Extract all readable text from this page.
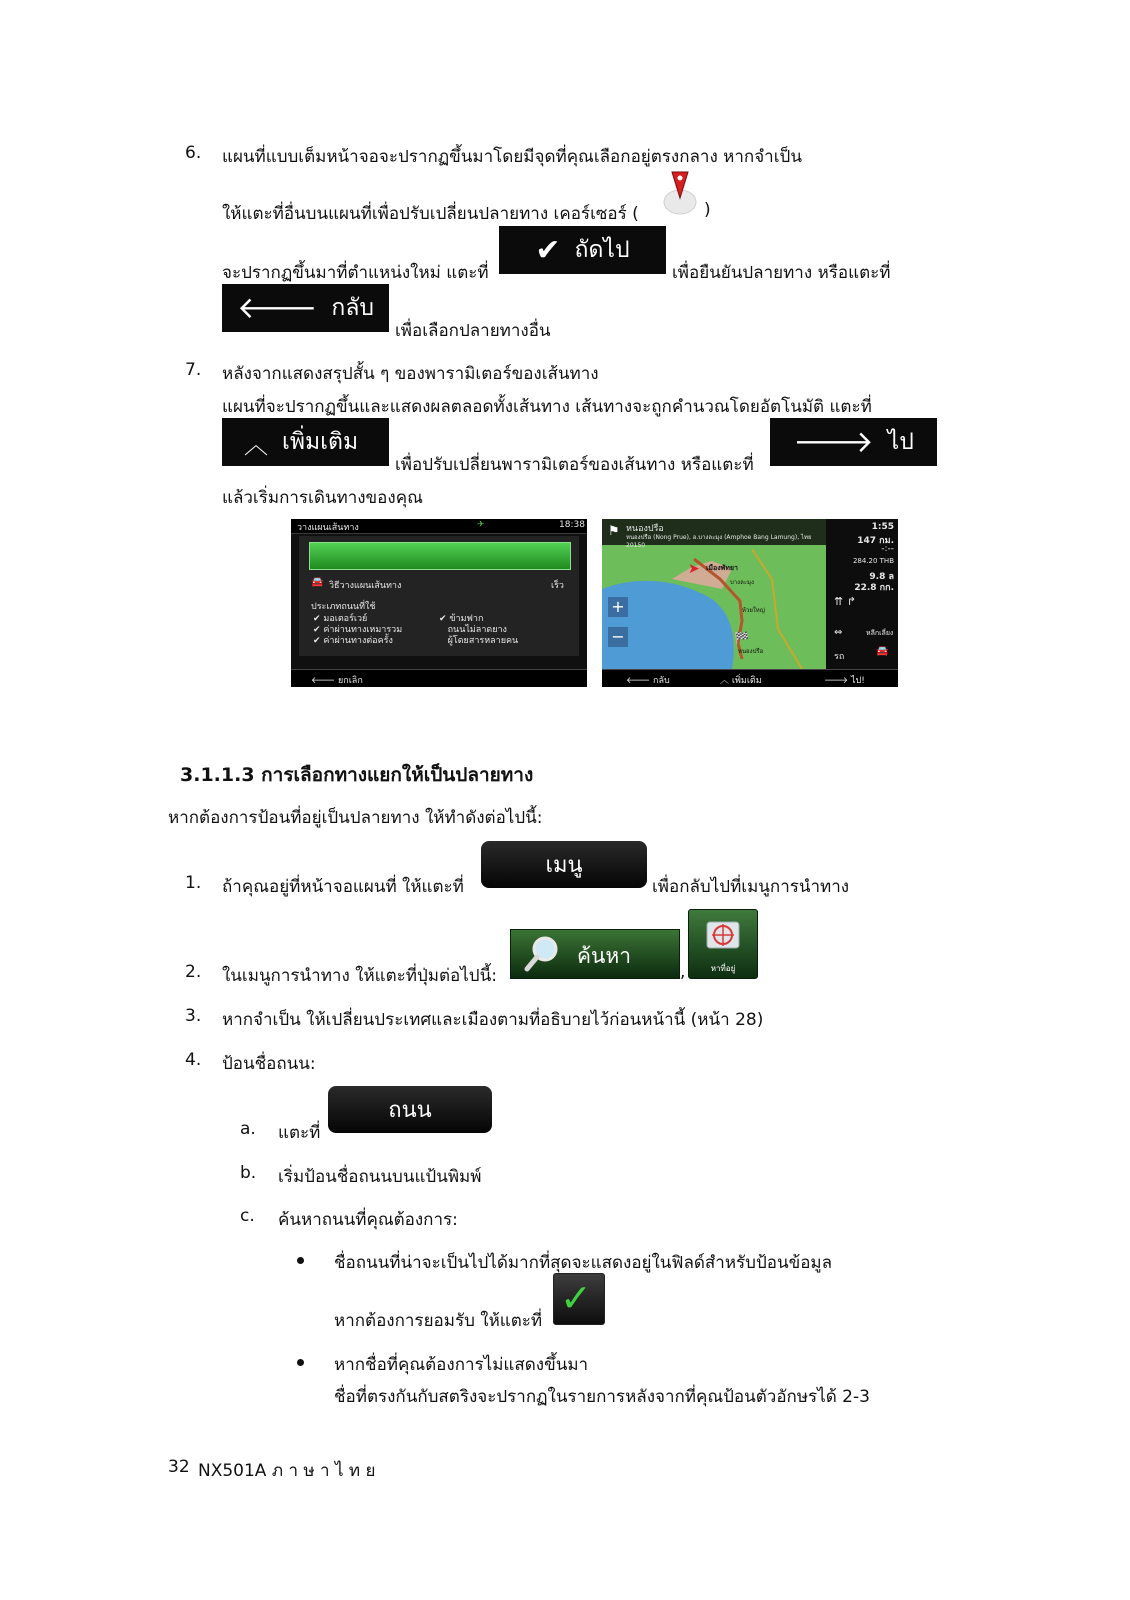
6. แผนที่แบบเต็มหน้าจอจะปรากฏขึ้นมาโดยมีจุดที่คุณเลือกอยู่ตรงกลาง หากจำเป็น
ให้แตะที่อื่นบนแผนที่เพื่อปรับเปลี่ยนปลายทาง เคอร์เซอร์ (	)
จะปรากฏขึ้นมาที่ตำแหน่งใหม่ แตะที่
✔ ถัดไป
เพื่อยืนยันปลายทาง หรือแตะที่
🡐 กลับ
เพื่อเลือกปลายทางอื่น
7. หลังจากแสดงสรุปสั้น ๆ ของพารามิเตอร์ของเส้นทาง
แผนที่จะปรากฏขึ้นและแสดงผลตลอดทั้งเส้นทาง เส้นทางจะถูกคำนวณโดยอัตโนมัติ แตะที่
︿ เพิ่มเติม
เพื่อปรับเปลี่ยนพารามิเตอร์ของเส้นทาง หรือแตะที่
🡒 ไป
แล้วเริ่มการเดินทางของคุณ
วางแผนเส้นทาง	✈	18:38
🚘 วิธีวางแผนเส้นทาง	เร็ว
ประเภทถนนที่ใช้
✔ มอเตอร์เวย์
✔ ค่าผ่านทางเหมารวม
✔ ค่าผ่านทางต่อครั้ง
✔ ข้ามฟาก
ถนนไม่ลาดยาง
ผู้โดยสารหลายคน
🡐 ยกเลิก
⚑ หนองปรือ
หนองปรือ (Nong Prue), อ.บางละมุง (Amphoe Bang Lamung), ไทย 20150
+
−
➤ เมืองพัทยา
บางละมุง
ห้วยใหญ่
🏁
หนองปรือ
1:55
147 กม.
-:--
284.20 THB
9.8 ล
22.8 กก.
⇈ ↱
⇔	หลีกเลี่ยง
รถ	🚘
🡐 กลับ	︿ เพิ่มเติม	🡒 ไป!
3.1.1.3 การเลือกทางแยกให้เป็นปลายทาง
หากต้องการป้อนที่อยู่เป็นปลายทาง ให้ทำดังต่อไปนี้:
1. ถ้าคุณอยู่ที่หน้าจอแผนที่ ให้แตะที่
เมนู
เพื่อกลับไปที่เมนูการนำทาง
2. ในเมนูการนำทาง ให้แตะที่ปุ่มต่อไปนี้:
ค้นหา
,	หาที่อยู่
3. หากจำเป็น ให้เปลี่ยนประเทศและเมืองตามที่อธิบายไว้ก่อนหน้านี้ (หน้า 28)
4. ป้อนชื่อถนน:
a. แตะที่
ถนน
b. เริ่มป้อนชื่อถนนบนแป้นพิมพ์
c. ค้นหาถนนที่คุณต้องการ:
ชื่อถนนที่น่าจะเป็นไปได้มากที่สุดจะแสดงอยู่ในฟิลด์สำหรับป้อนข้อมูล
หากต้องการยอมรับ ให้แตะที่
✓
หากชื่อที่คุณต้องการไม่แสดงขึ้นมา
ชื่อที่ตรงกันกับสตริงจะปรากฏในรายการหลังจากที่คุณป้อนตัวอักษรได้ 2-3
32 NX501A ภ า ษ า ไ ท ย
